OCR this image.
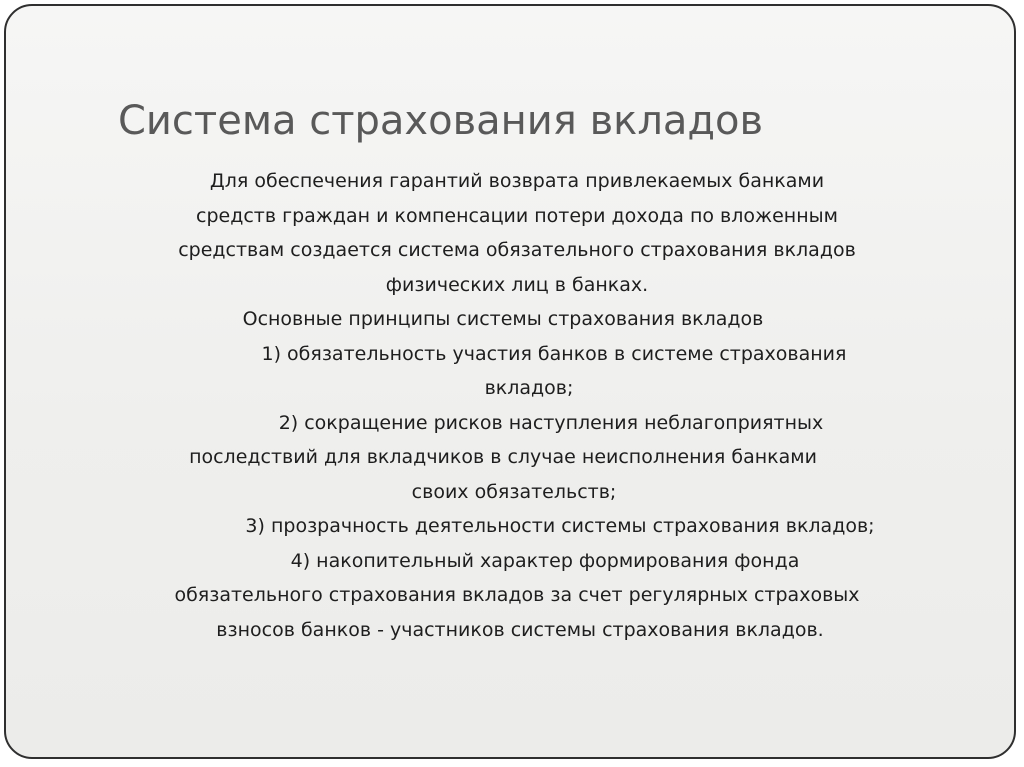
Система страхования вкладов
Для обеспечения гарантий возврата привлекаемых банками
средств граждан и компенсации потери дохода по вложенным
средствам создается система обязательного страхования вкладов
физических лиц в банках.
Основные принципы системы страхования вкладов
1) обязательность участия банков в системе страхования
вкладов;
2) сокращение рисков наступления неблагоприятных
последствий для вкладчиков в случае неисполнения банками
своих обязательств;
3) прозрачность деятельности системы страхования вкладов;
4) накопительный характер формирования фонда
обязательного страхования вкладов за счет регулярных страховых
взносов банков - участников системы страхования вкладов.
